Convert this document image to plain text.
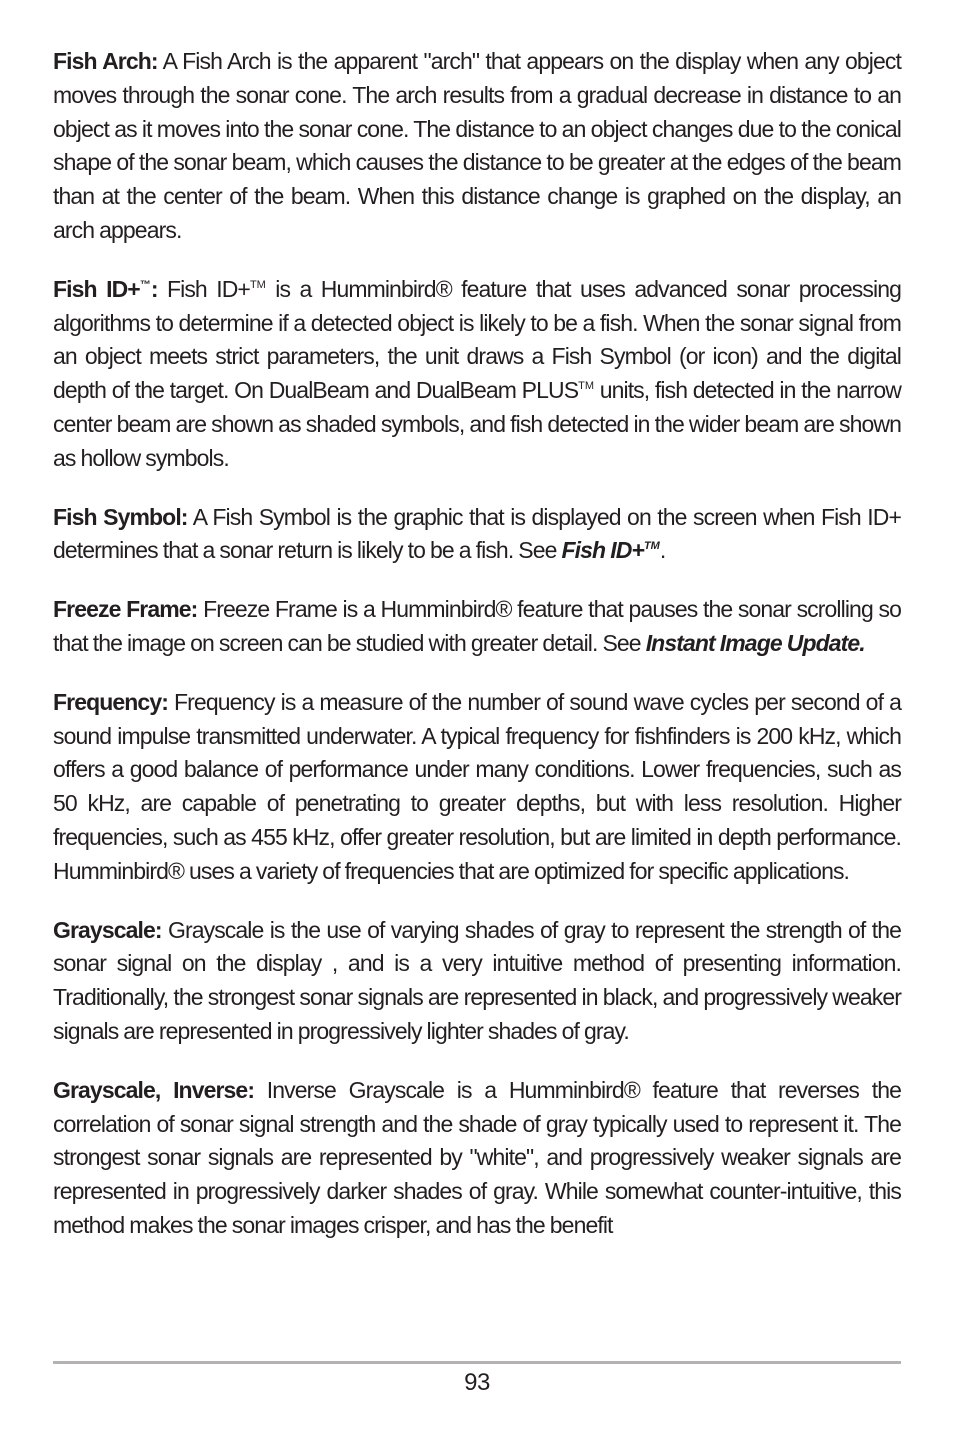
Fish Arch: A Fish Arch is the apparent "arch" that appears on the display when any object moves through the sonar cone. The arch results from a gradual decrease in distance to an object as it moves into the sonar cone. The distance to an object changes due to the conical shape of the sonar beam, which causes the distance to be greater at the edges of the beam than at the center of the beam. When this distance change is graphed on the display, an arch appears.

Fish ID+™: Fish ID+™ is a Humminbird® feature that uses advanced sonar processing algorithms to determine if a detected object is likely to be a fish. When the sonar signal from an object meets strict parameters, the unit draws a Fish Symbol (or icon) and the digital depth of the target. On DualBeam and DualBeam PLUS™ units, fish detected in the narrow center beam are shown as shaded symbols, and fish detected in the wider beam are shown as hollow symbols.

Fish Symbol: A Fish Symbol is the graphic that is displayed on the screen when Fish ID+ determines that a sonar return is likely to be a fish. See Fish ID+™.

Freeze Frame: Freeze Frame is a Humminbird® feature that pauses the sonar scrolling so that the image on screen can be studied with greater detail. See Instant Image Update.

Frequency: Frequency is a measure of the number of sound wave cycles per second of a sound impulse transmitted underwater. A typical frequency for fishfinders is 200 kHz, which offers a good balance of performance under many conditions. Lower frequencies, such as 50 kHz, are capable of penetrating to greater depths, but with less resolution. Higher frequencies, such as 455 kHz, offer greater resolution, but are limited in depth performance. Humminbird® uses a variety of frequencies that are optimized for specific applications.

Grayscale: Grayscale is the use of varying shades of gray to represent the strength of the sonar signal on the display , and is a very intuitive method of presenting information. Traditionally, the strongest sonar signals are represented in black, and progressively weaker signals are represented in progressively lighter shades of gray.

Grayscale, Inverse: Inverse Grayscale is a Humminbird® feature that reverses the correlation of sonar signal strength and the shade of gray typically used to represent it. The strongest sonar signals are represented by "white", and progressively weaker signals are represented in progressively darker shades of gray. While somewhat counter-intuitive, this method makes the sonar images crisper, and has the benefit

93
